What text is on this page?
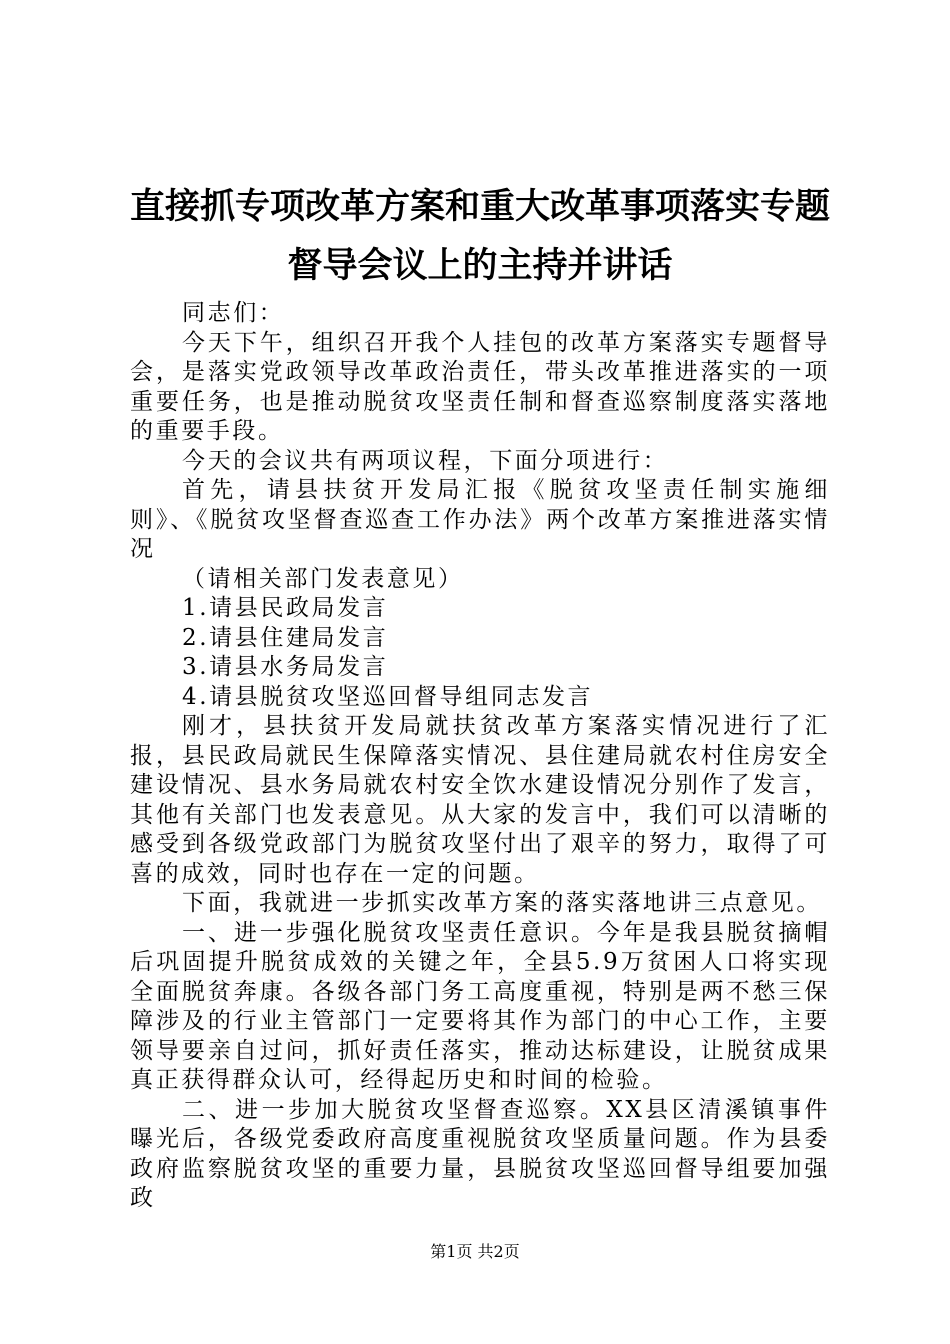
直接抓专项改革方案和重大改革事项落实专题
督导会议上的主持并讲话

同志们：

今天下午，组织召开我个人挂包的改革方案落实专题督导会，是落实党政领导改革政治责任，带头改革推进落实的一项重要任务，也是推动脱贫攻坚责任制和督查巡察制度落实落地的重要手段。

今天的会议共有两项议程，下面分项进行：

首先，请县扶贫开发局汇报《脱贫攻坚责任制实施细则》、《脱贫攻坚督查巡查工作办法》两个改革方案推进落实情况

（请相关部门发表意见）

1.请县民政局发言

2.请县住建局发言

3.请县水务局发言

4.请县脱贫攻坚巡回督导组同志发言

刚才，县扶贫开发局就扶贫改革方案落实情况进行了汇报，县民政局就民生保障落实情况、县住建局就农村住房安全建设情况、县水务局就农村安全饮水建设情况分别作了发言，其他有关部门也发表意见。从大家的发言中，我们可以清晰的感受到各级党政部门为脱贫攻坚付出了艰辛的努力，取得了可喜的成效，同时也存在一定的问题。

下面，我就进一步抓实改革方案的落实落地讲三点意见。

一、进一步强化脱贫攻坚责任意识。今年是我县脱贫摘帽后巩固提升脱贫成效的关键之年，全县5.9万贫困人口将实现全面脱贫奔康。各级各部门务工高度重视，特别是两不愁三保障涉及的行业主管部门一定要将其作为部门的中心工作，主要领导要亲自过问，抓好责任落实，推动达标建设，让脱贫成果真正获得群众认可，经得起历史和时间的检验。

二、进一步加大脱贫攻坚督查巡察。XX县区清溪镇事件曝光后，各级党委政府高度重视脱贫攻坚质量问题。作为县委政府监察脱贫攻坚的重要力量，县脱贫攻坚巡回督导组要加强政

第1页 共2页
